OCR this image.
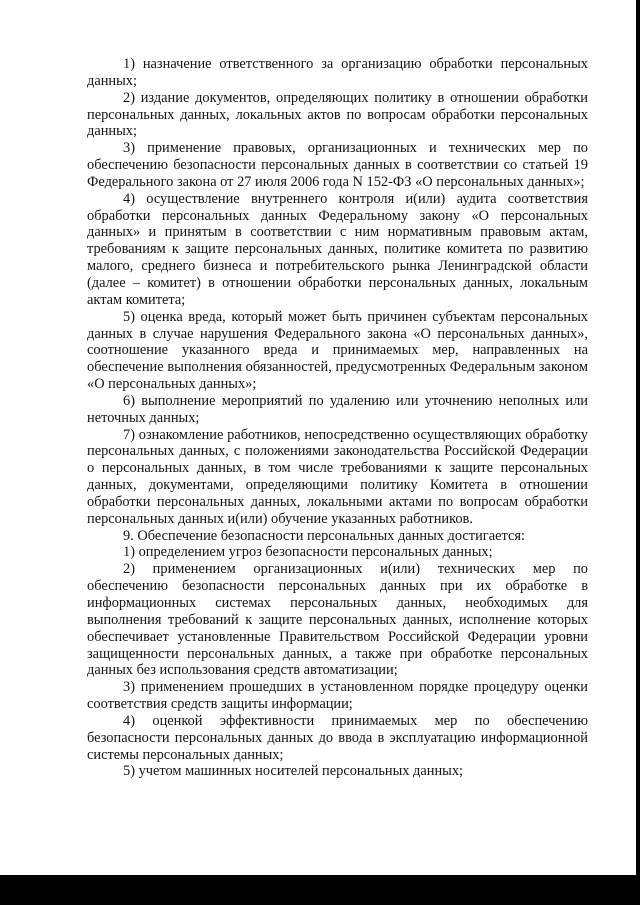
1) назначение ответственного за организацию обработки персональных данных;

2) издание документов, определяющих политику в отношении обработки персональных данных, локальных актов по вопросам обработки персональных данных;

3) применение правовых, организационных и технических мер по обеспечению безопасности персональных данных в соответствии со статьей 19 Федерального закона от 27 июля 2006 года N 152-ФЗ «О персональных данных»;

4) осуществление внутреннего контроля и(или) аудита соответствия обработки персональных данных Федеральному закону «О персональных данных» и принятым в соответствии с ним нормативным правовым актам, требованиям к защите персональных данных, политике комитета по развитию малого, среднего бизнеса и потребительского рынка Ленинградской области (далее – комитет) в отношении обработки персональных данных, локальным актам комитета;

5) оценка вреда, который может быть причинен субъектам персональных данных в случае нарушения Федерального закона «О персональных данных», соотношение указанного вреда и принимаемых мер, направленных на обеспечение выполнения обязанностей, предусмотренных Федеральным законом «О персональных данных»;

6) выполнение мероприятий по удалению или уточнению неполных или неточных данных;

7) ознакомление работников, непосредственно осуществляющих обработку персональных данных, с положениями законодательства Российской Федерации о персональных данных, в том числе требованиями к защите персональных данных, документами, определяющими политику Комитета в отношении обработки персональных данных, локальными актами по вопросам обработки персональных данных и(или) обучение указанных работников.

9. Обеспечение безопасности персональных данных достигается:

1) определением угроз безопасности персональных данных;

2) применением организационных и(или) технических мер по обеспечению безопасности персональных данных при их обработке в информационных системах персональных данных, необходимых для выполнения требований к защите персональных данных, исполнение которых обеспечивает установленные Правительством Российской Федерации уровни защищенности персональных данных, а также при обработке персональных данных без использования средств автоматизации;

3) применением прошедших в установленном порядке процедуру оценки соответствия средств защиты информации;

4) оценкой эффективности принимаемых мер по обеспечению безопасности персональных данных до ввода в эксплуатацию информационной системы персональных данных;

5) учетом машинных носителей персональных данных;
